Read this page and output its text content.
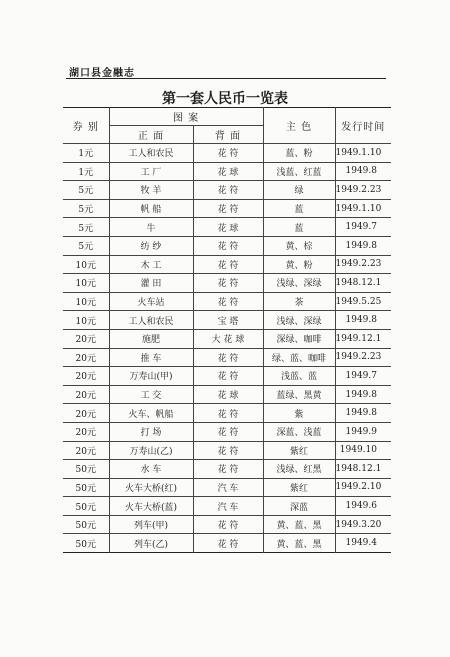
湖口县金融志
第一套人民币一览表
券 别	图 案		主 色	发行时间
	正 面	背 面		
1元	工人和农民	花 符	蓝、粉	1949.1.10
1元	工 厂	花 球	浅蓝、红蓝	1949.8
5元	牧 羊	花 符	绿	1949.2.23
5元	帆 船	花 符	蓝	1949.1.10
5元	牛	花 球	蓝	1949.7
5元	纺 纱	花 符	黄、棕	1949.8
10元	木 工	花 符	黄、粉	1949.2.23
10元	灌 田	花 符	浅绿、深绿	1948.12.1
10元	火车站	花 符	茶	1949.5.25
10元	工人和农民	宝 塔	浅绿、深绿	1949.8
20元	施肥	大 花 球	深绿、咖啡	1949.12.1
20元	推 车	花 符	绿、蓝、咖啡	1949.2.23
20元	万寿山(甲)	花 符	浅蓝、蓝	1949.7
20元	工 交	花 球	蓝绿、黑黄	1949.8
20元	火车、帆船	花 符	紫	1949.8
20元	打 场	花 符	深蓝、浅蓝	1949.9
20元	万寿山(乙)	花 符	紫红	1949.10
50元	水 车	花 符	浅绿、红黑	1948.12.1
50元	火车大桥(红)	汽 车	紫红	1949.2.10
50元	火车大桥(蓝)	汽 车	深蓝	1949.6
50元	列车(甲)	花 符	黄、蓝、黑	1949.3.20
50元	列车(乙)	花 符	黄、蓝、黑	1949.4
